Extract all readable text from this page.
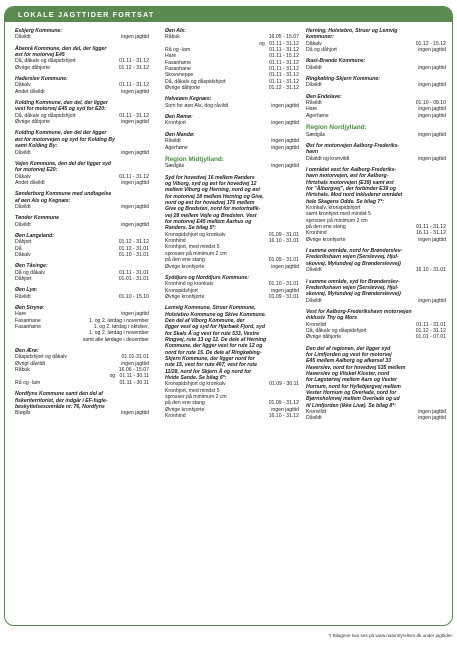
LOKALE JAGTTIDER FORTSAT
Esbjerg Kommune:
Dåvildt	ingen jagttid
Åbenrå Kommune, den del, der ligger
øst for motorvej E45
Då, dåkalv og dåspidshjort	01.11 - 31.12
Øvrige dåhjorte	01.12 - 31.12
Haderslev Kommune:
Dåkalv	01.11 - 31.12
Andet dåvildt	ingen jagttid
Kolding Kommune, den del, der ligger
vest for motorvej E45 og syd for E20:
Då, dåkalv og dåspidshjort	01.11 - 31.12
Øvrige dåhjorte	ingen jagttid
Kolding Kommune, den del der ligger
øst for motorvejen og syd for Kolding By
samt Kolding By:
Dåvildt	ingen jagttid
Vejen Kommune, den del der ligger syd
for motorvej E20:
Dåkalv	01.11 - 31.12
Andet dåvildt	ingen jagttid
Sønderborg Kommune med undtagelse
af øen Als og Kegnæs:
Dåvildt	ingen jagttid
Tønder Kommune
Dåvildt	ingen jagttid
Øen Langeland:
Dåhjort	01.12 - 31.12
Då	01.12 - 31.01
Dåkalv	01.10 - 31.01
Øen Tåsinge:
Då og dåkalv	01.11 - 31.01
Dåhjort	01.01 - 31.01
Øen Lyø:
Råvildt	01.10 - 15.10
Øen Strynø:
Hare	ingen jagttid
Fasanhane	1. og 2. lørdag i november
Fasanhøne	1. og 2. lørdag i oktober,
1. og 2. lørdag i november
samt alle lørdage i december
Øen Ærø:
Dåspidshjort og dåkalv	01.01-31.01
Øvrigt dåvildt	ingen jagttid
Råbuk	16.06 - 15.07
og   01.11 - 30.11
Rå og -lam	01.11 - 30.11
Nordfyns Kommune samt den del af
fiskeriterritoriet, der indgår i EF-fugle-
beskyttelsesområde nr. 76, Nordfyns
Bløgils	ingen jagttid
Øen Als:
Råbuk	16.05 - 15.07
og   01.11 - 31.12
Rå og -lam	01.11 - 31.12
Hare	01.11 - 15.12
Fasanhøne	01.11 - 31.12
Fasanhane	01.11 - 31.12
Skovsneppe	01.11 - 31.12
Då, dåkalv og dåspidshjort	01.11 - 31.12
Øvrige dåhjorte	01.12 - 31.12
Halveøen Kegnæs:
Som for øen Als, dog råvildt	ingen jagttid
Øen Rømø:
Kronhjort	ingen jagttid
Øen Mandø:
Råvildt	ingen jagttid
Agerhøne	ingen jagttid
Region Midtjylland:
Sædgås	ingen jagttid
Syd for hovedvej 16 mellem Randers
og Viborg, syd og øst for hovedvej 12
mellem Viborg og Herning, nord og øst
for motorvej 18 mellem Herning og Give,
nord og øst for hovedvej 176 mellem
Give og Bredsten, nord for motortrafik-
vej 28 mellem Vejle og Bredsten. Vest
for motorvej E45 mellem Aarhus og
Randers. Se bilag 5*:
Kronspidshjort og kronkalv	01.09 - 31.01
Kronhind	16.10 - 31.01
Kronhjort, med mindst 5
sprosser på minimum 2 cm
på den ene stang	01.09 - 31.01
Øvrige kronhjorte	ingen jagttid
Syddjurs og Norddjurs Kommune:
Kronhind og kronkalv	01.10 - 31.01
Kronspidshjort	ingen jagttid
Øvrige kronhjorte	01.09 - 31.01
Lemvig Kommune, Struer Kommune,
Holstebro Kommune og Skive Kommune.
Den del af Viborg Kommune, der
ligger vest og syd for Hjarbæk Fjord, syd
for Skals Å og vest for rute 533, Vestre
Ringvej, rute 13 og 12. De dele af Herning
Kommune, der ligger vest for rute 12 og
nord for rute 15. De dele af Ringkøbing-
Skjern Kommune, der ligger nord for
rute 15, vest for rute 467, vest for rute
11/28, nord for Skjern Å og nord for
Hvide Sande. Se bilag 6*:
Kronspidshjort og kronkalv	01.09 - 30.11
Kronhjort, med mindst 5
sprosser på minimum 2 cm
på den ene stang	01.09 - 31.12
Øvrige kronhjorte	ingen jagttid
Kronhind	16.10 - 31.12
Herning, Holstebro, Struer og Lemvig
kommuner:
Dåkalv	01.12 - 15.12
Då og dåhjort	ingen jagttid
Ikast-Brande Kommune:
Dåvildt	ingen jagttid
Ringkøbing-Skjern Kommune:
Dåvildt	ingen jagttid
Øen Endelave:
Råvildt	01.10 - 08.10
Hare	ingen jagttid
Agerhøne	ingen jagttid
Region Nordjylland:
Sædgås	ingen jagttid
Øst for motorvejen Aalborg-Frederiks-
havn
Dåvildt og kronvildt	ingen jagttid
I området vest for Aalborg-Frederiks-
havn motorvejen, øst for Aalborg-
Hirtshals motorvejen (E39) samt øst
for "Ålborgvej", der forbinder E39 og
Hirtshals. Mod nord inkluderer området
hele Skagens Odde. Se bilag 7*:
Kronkalv, kronspidshjort
samt kronhjort med mindst 5
sprosser på minimum 2 cm
på den ene stang	01.11 - 31.12
Kronhind	16.11 - 31.12
Øvrige kronhjorte	ingen jagttid
I samme område, nord for Brønderslev-
Frederikshavn vejen (Serslevvej, Hjul-
skovvej, Mylundvej og Brønderslevvej)
Dåvildt	16.10 - 31.01
I samme område, syd for Brønderslev-
Frederikshavn vejen (Serslevvej, Hjul-
skovvej, Mylundvej og Brønderslevvej)
Dåvildt	ingen jagttid
Vest for Aalborg-Frederikshavn motorvejen
inklusiv Thy og Mors
Kronvildt	01.11 - 31.01
Då, dåkalv og dåspidshjort	01.12 - 31.12
Øvrige dåhjorte	01.01 - 07.01
Den del af regionen, der ligger syd
for Limfjorden og vest for motorvej
E45 mellem Aalborg og afkørsel 33
Haverslev, nord for hovedvej 535 mellem
Haverslev og Vitskøl Kloster, nord
for Løgstørvej mellem Aars og Vester
Hornum, nord for Hyllebjergvej mellem
Vester Hornum og Overlade, nord for
Bjørnsholmvej mellem Overlade og ud
til Limfjorden (ikke Livø). Se bilag 8*:
Kronvildt	ingen jagttid
Dåvildt	ingen jagttid
*) Bilagene kan ses på www.naturstyrelsen.dk under jagttider.
